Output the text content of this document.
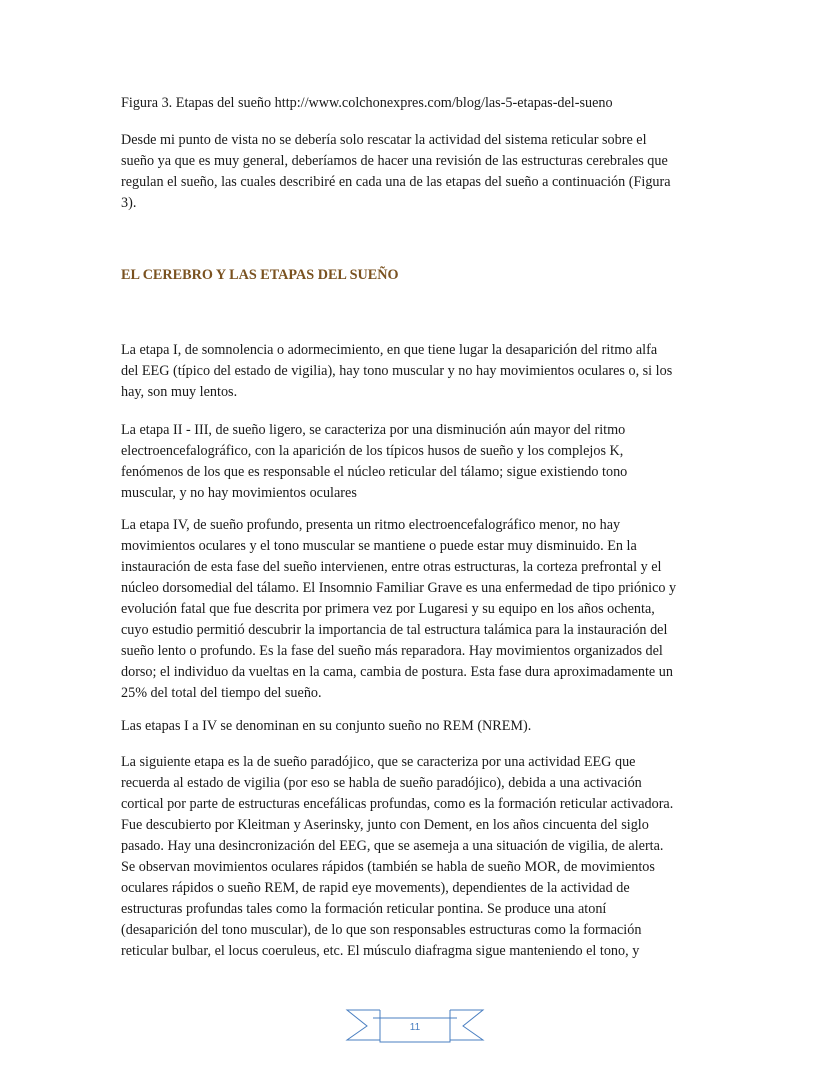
Figura 3. Etapas del sueño http://www.colchonexpres.com/blog/las-5-etapas-del-sueno

Desde mi punto de vista no se debería solo rescatar la actividad del sistema reticular sobre el
sueño ya que es muy general, deberíamos de hacer una revisión de las estructuras cerebrales que
regulan el sueño, las cuales describiré en cada una de las etapas del sueño a continuación (Figura
3).

EL CEREBRO Y LAS ETAPAS DEL SUEÑO

La etapa I, de somnolencia o adormecimiento, en que tiene lugar la desaparición del ritmo alfa
del EEG (típico del estado de vigilia), hay tono muscular y no hay movimientos oculares o, si los
hay, son muy lentos.

La etapa II - III, de sueño ligero, se caracteriza por una disminución aún mayor del ritmo
electroencefalográfico, con la aparición de los típicos husos de sueño y los complejos K,
fenómenos de los que es responsable el núcleo reticular del tálamo; sigue existiendo tono
muscular, y no hay movimientos oculares

La etapa IV, de sueño profundo, presenta un ritmo electroencefalográfico menor, no hay
movimientos oculares y el tono muscular se mantiene o puede estar muy disminuido. En la
instauración de esta fase del sueño intervienen, entre otras estructuras, la corteza prefrontal y el
núcleo dorsomedial del tálamo. El Insomnio Familiar Grave es una enfermedad de tipo priónico y
evolución fatal que fue descrita por primera vez por Lugaresi y su equipo en los años ochenta,
cuyo estudio permitió descubrir la importancia de tal estructura talámica para la instauración del
sueño lento o profundo. Es la fase del sueño más reparadora. Hay movimientos organizados del
dorso; el individuo da vueltas en la cama, cambia de postura. Esta fase dura aproximadamente un
25% del total del tiempo del sueño.

Las etapas I a IV se denominan en su conjunto sueño no REM (NREM).

La siguiente etapa es la de sueño paradójico, que se caracteriza por una actividad EEG que
recuerda al estado de vigilia (por eso se habla de sueño paradójico), debida a una activación
cortical por parte de estructuras encefálicas profundas, como es la formación reticular activadora.
Fue descubierto por Kleitman y Aserinsky, junto con Dement, en los años cincuenta del siglo
pasado. Hay una desincronización del EEG, que se asemeja a una situación de vigilia, de alerta.
Se observan movimientos oculares rápidos (también se habla de sueño MOR, de movimientos
oculares rápidos o sueño REM, de rapid eye movements), dependientes de la actividad de
estructuras profundas tales como la formación reticular pontina. Se produce una atoní
(desaparición del tono muscular), de lo que son responsables estructuras como la formación
reticular bulbar, el locus coeruleus, etc. El músculo diafragma sigue manteniendo el tono, y

11
